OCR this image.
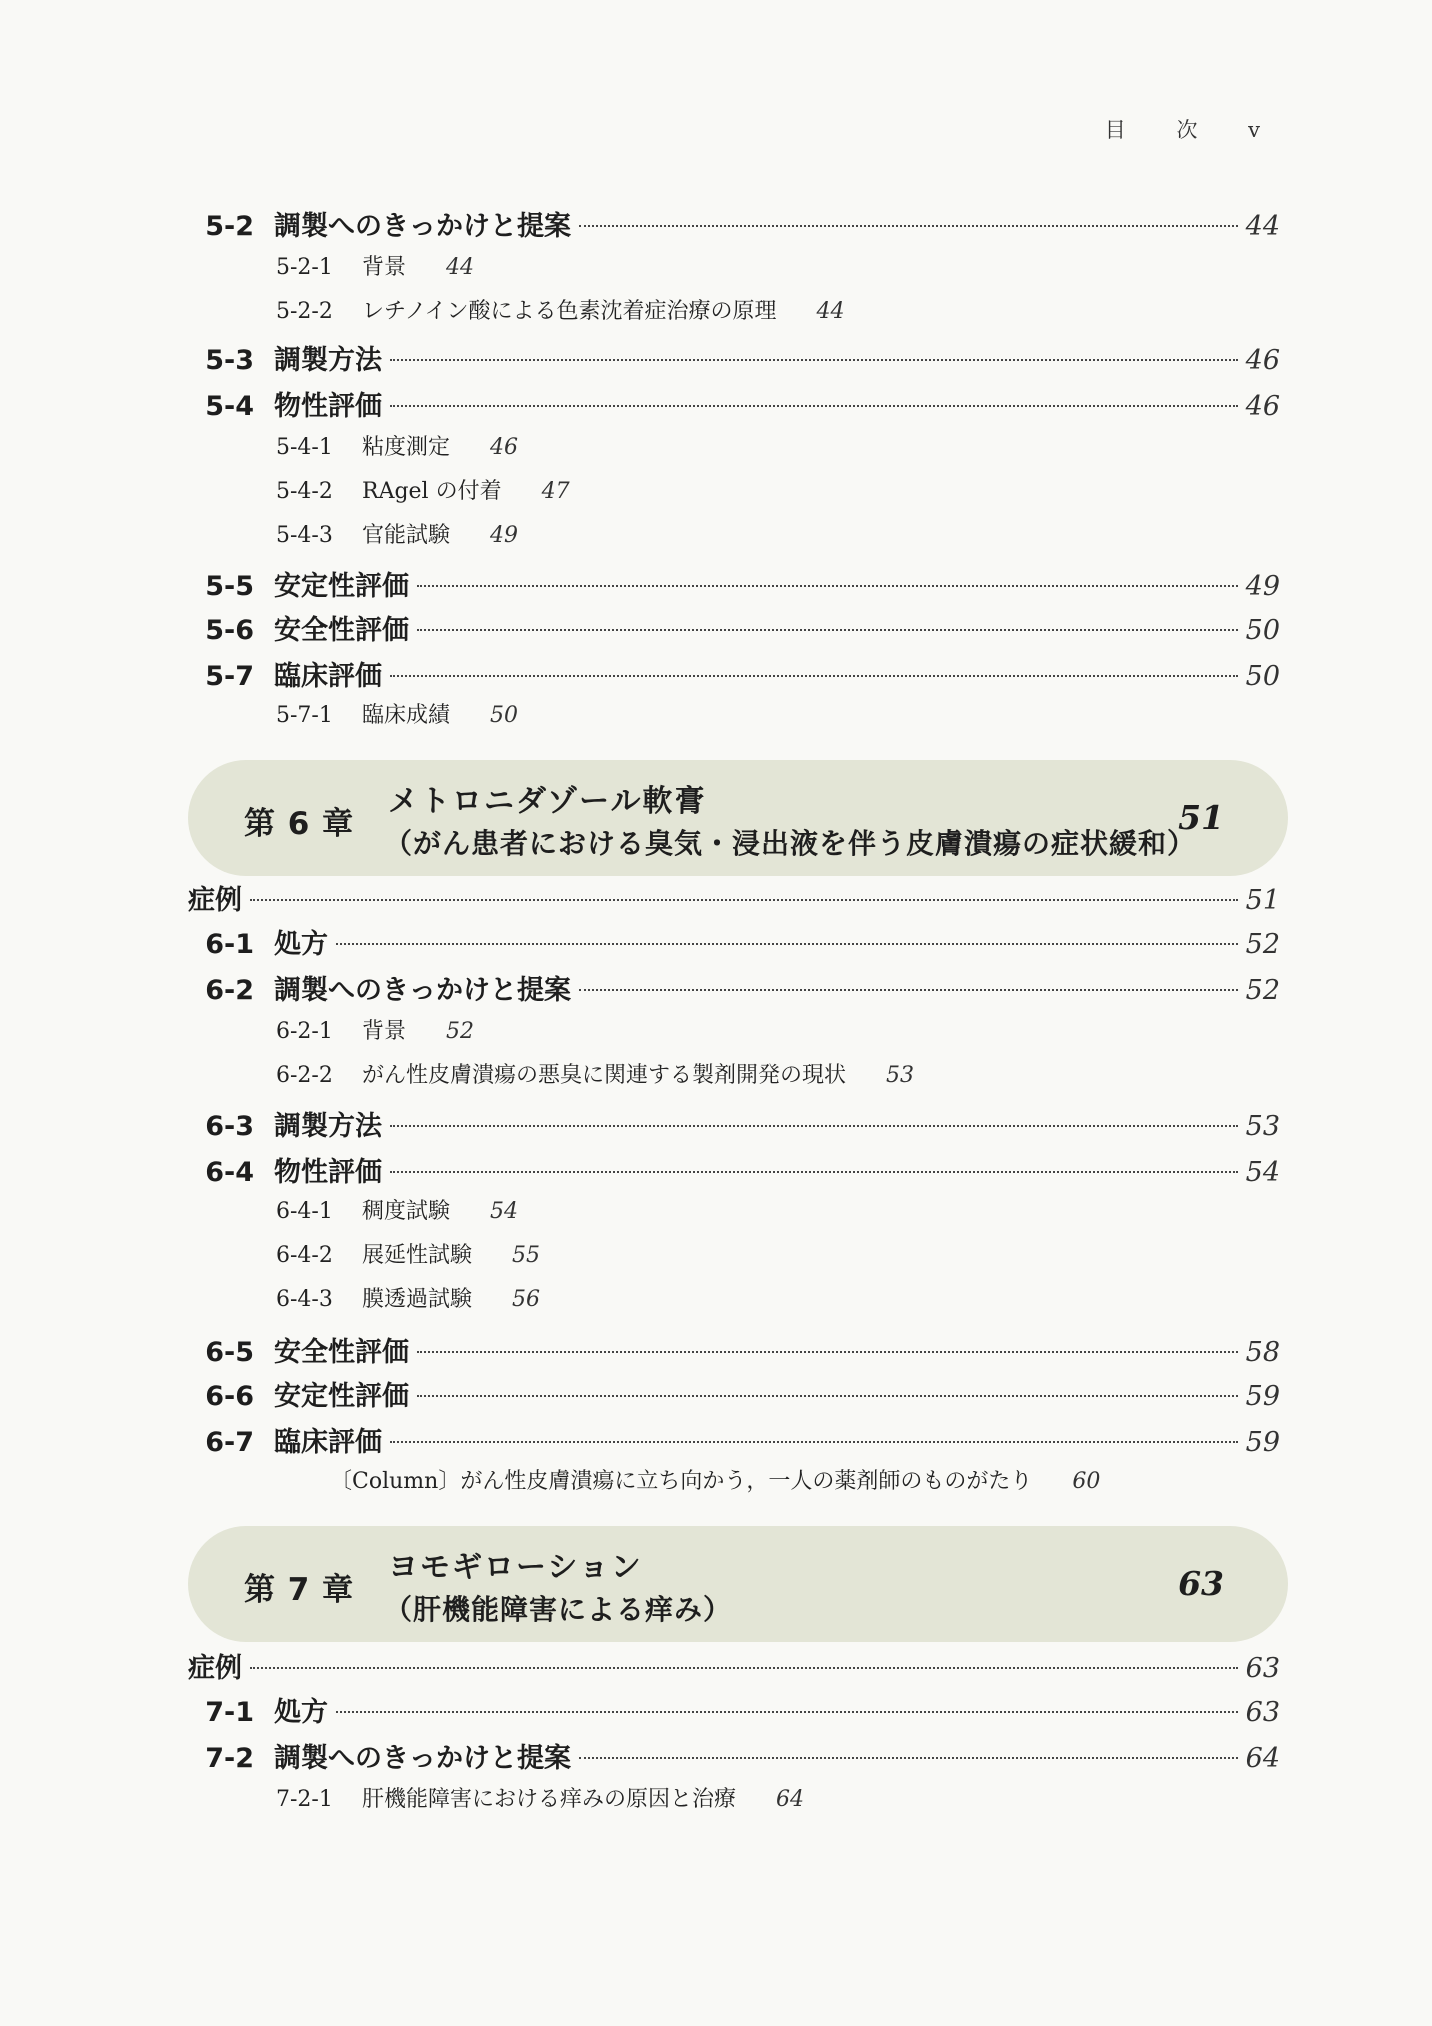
目 次 v
5-2 調製へのきっかけと提案	44
5-2-1	背景 44
5-2-2	レチノイン酸による色素沈着症治療の原理 44
5-3 調製方法	46
5-4 物性評価	46
5-4-1	粘度測定 46
5-4-2	RAgel の付着 47
5-4-3	官能試験 49
5-5 安定性評価	49
5-6 安全性評価	50
5-7 臨床評価	50
5-7-1	臨床成績 50
第 6 章
メトロニダゾール軟膏
（がん患者における臭気・浸出液を伴う皮膚潰瘍の症状緩和）
51
症例	51
6-1 処方	52
6-2 調製へのきっかけと提案	52
6-2-1	背景 52
6-2-2	がん性皮膚潰瘍の悪臭に関連する製剤開発の現状 53
6-3 調製方法	53
6-4 物性評価	54
6-4-1	稠度試験 54
6-4-2	展延性試験 55
6-4-3	膜透過試験 56
6-5 安全性評価	58
6-6 安定性評価	59
6-7 臨床評価	59
〔Column〕がん性皮膚潰瘍に立ち向かう，一人の薬剤師のものがたり 60
第 7 章
ヨモギローション
（肝機能障害による痒み）
63
症例	63
7-1 処方	63
7-2 調製へのきっかけと提案	64
7-2-1	肝機能障害における痒みの原因と治療 64
